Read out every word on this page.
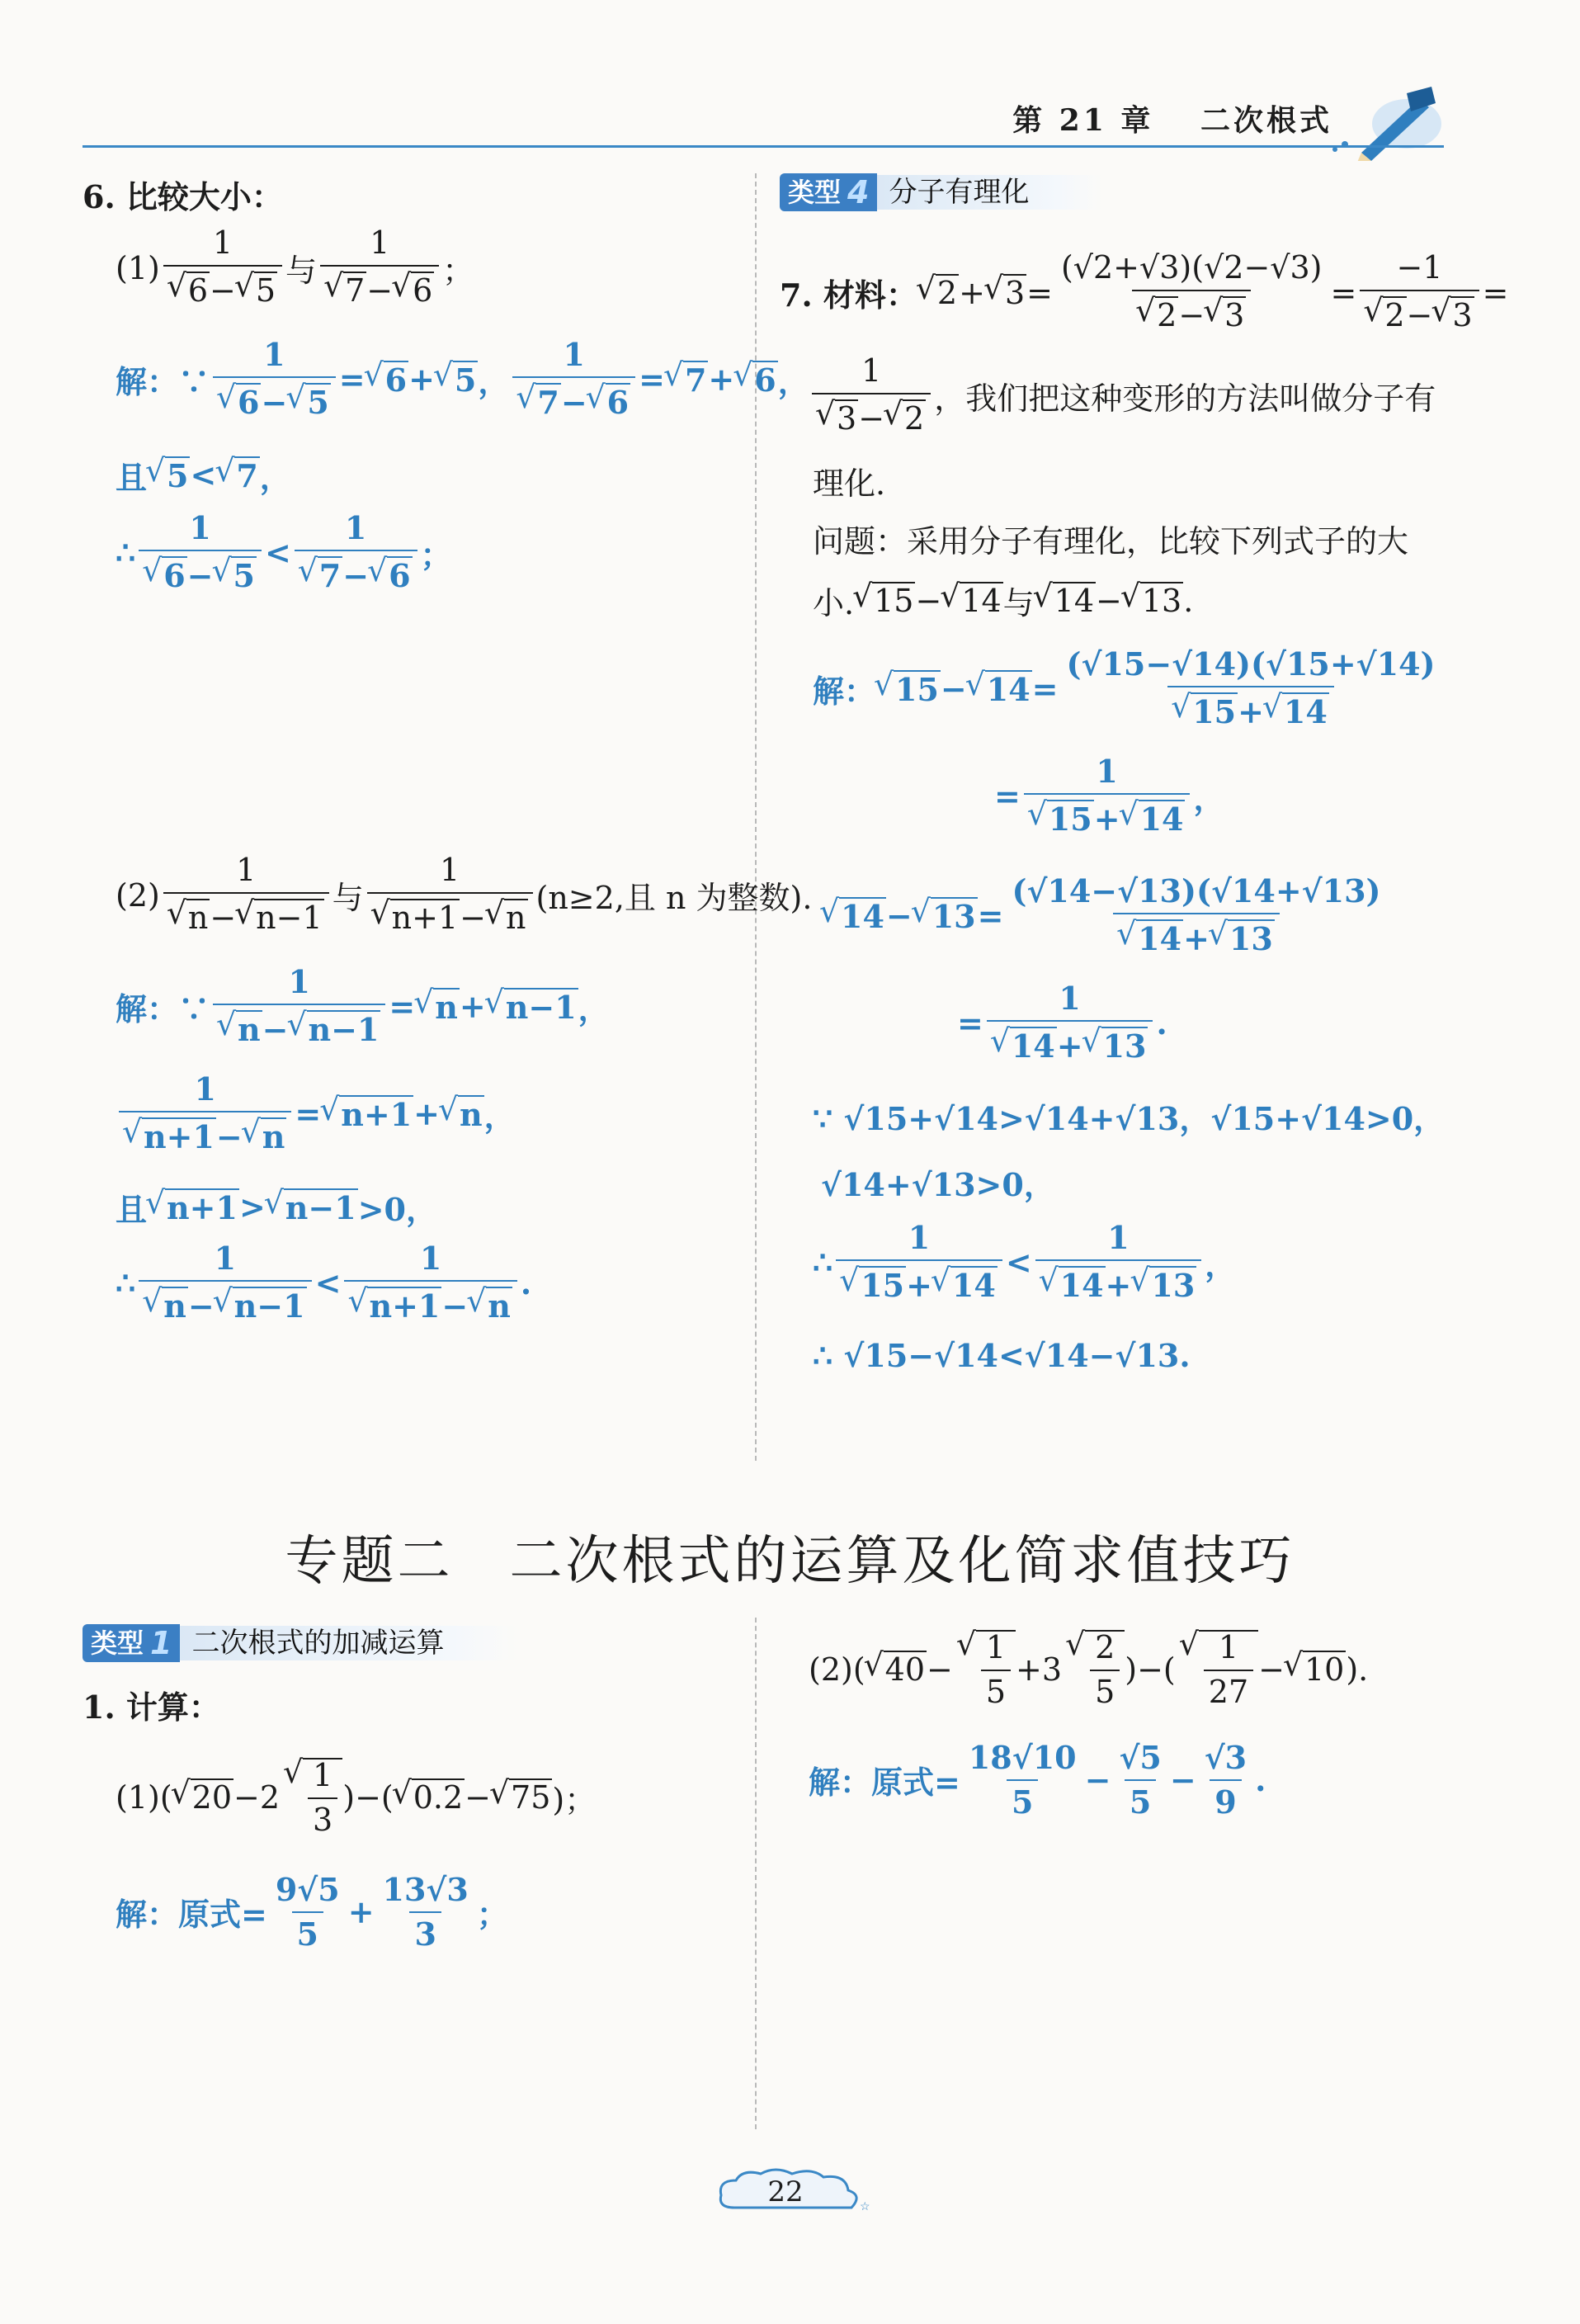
第 21 章 二次根式
6. 比较大小：
(1) 1
√ 6− √ 5 与 1
√ 7− √ 6 ；
解：∵ 1
√ 6− √ 5 = √ 6 + √ 5 ， 1
√ 7− √ 6 = √ 7 + √ 6 ，
且 √ 5 < √ 7 ，
∴ 1
√ 6− √ 5 < 1
√ 7− √ 6 ；
(2) 1
√ n− √ n−1 与 1
√ n+1− √ n (n≥2,且 n 为整数).
解：∵ 1
√ n− √ n−1 = √ n + √ n−1 ，
1
√ n+1− √ n = √ n+1 + √ n ，
且 √ n+1 > √ n−1 >0，
∴ 1
√ n− √ n−1 < 1
√ n+1− √ n .
类型 4 分子有理化
7. 材料： √ 2 + √ 3 = (√2+√3)(√2−√3)
√ 2− √ 3 = −1
√ 2− √ 3 =
1
√ 3− √ 2 ，我们把这种变形的方法叫做分子有
理化.
问题：采用分子有理化，比较下列式子的大
小. √ 15 − √ 14 与 √ 14 − √ 13 .
解： √ 15 − √ 14 = (√15−√14)(√15+√14)
√ 15+ √ 14
= 1
√ 15+ √ 14 ，
√ 14 − √ 13 = (√14−√13)(√14+√13)
√ 14+ √ 13
= 1
√ 14+ √ 13 .
∵ √15+√14>√14+√13，√15+√14>0，
√14+√13>0，
∴ 1
√ 15+ √ 14 < 1
√ 14+ √ 13 ，
∴ √15−√14<√14−√13.
专题二　二次根式的运算及化简求值技巧
类型 1 二次根式的加减运算
1. 计算：
(1) ( √ 20 −2 √ $\frac{1}{3}$ ) −( √ 0.2 − √ 75 )；
解：原式= $\frac{9√5}{5} + \frac{13√3}{3}$ ；
(2) ( √ 40 − √ $\frac{1}{5} +3$ √ $\frac{2}{5}$ )−( √ $\frac{1}{27}$ − √ 10 ) .
解：原式= $\frac{18√10}{5} - \frac{√5}{5} - \frac{√3}{9}$ .
22	☆
